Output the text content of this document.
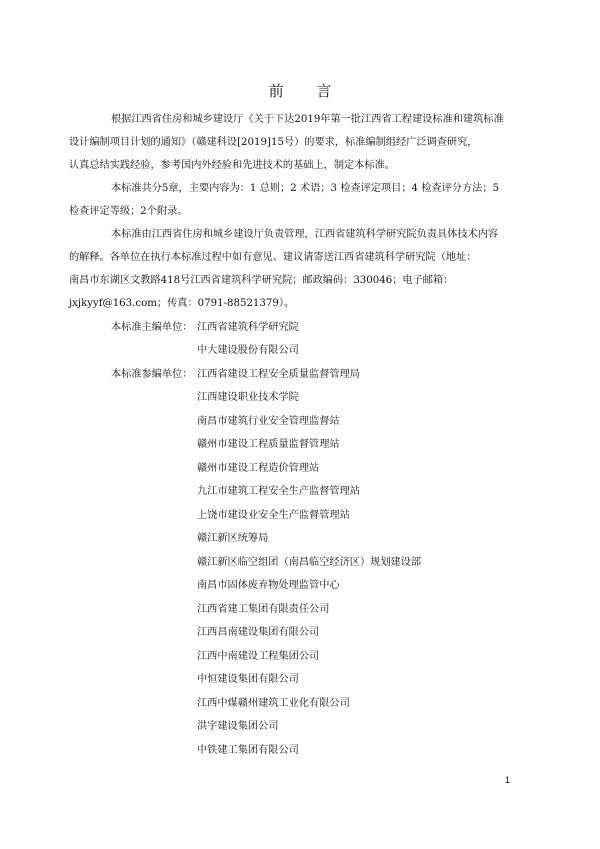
前 言

根据江西省住房和城乡建设厅《关于下达2019年第一批江西省工程建设标准和建筑标准
设计编制项目计划的通知》（赣建科设[2019]15号）的要求，标准编制组经广泛调查研究，
认真总结实践经验，参考国内外经验和先进技术的基础上，制定本标准。

本标准共分5章，主要内容为：1 总则；2 术语；3 检查评定项目；4 检查评分方法；5
检查评定等级；2个附录。

本标准由江西省住房和城乡建设厅负责管理，江西省建筑科学研究院负责具体技术内容
的解释。各单位在执行本标准过程中如有意见、建议请寄送江西省建筑科学研究院（地址：
南昌市东湖区文教路418号江西省建筑科学研究院；邮政编码：330046；电子邮箱：
jxjkyyf@163.com；传真：0791-88521379）。

本标准主编单位： 江西省建筑科学研究院
中大建设股份有限公司
本标准参编单位： 江西省建设工程安全质量监督管理局
江西建设职业技术学院
南昌市建筑行业安全管理监督站
赣州市建设工程质量监督管理站
赣州市建设工程造价管理站
九江市建筑工程安全生产监督管理站
上饶市建设业安全生产监督管理站
赣江新区统筹局
赣江新区临空组团（南昌临空经济区）规划建设部
南昌市固体废弃物处理监管中心
江西省建工集团有限责任公司
江西昌南建设集团有限公司
江西中南建设工程集团公司
中恒建设集团有限公司
江西中煤赣州建筑工业化有限公司
洪宇建设集团公司
中铁建工集团有限公司
1
